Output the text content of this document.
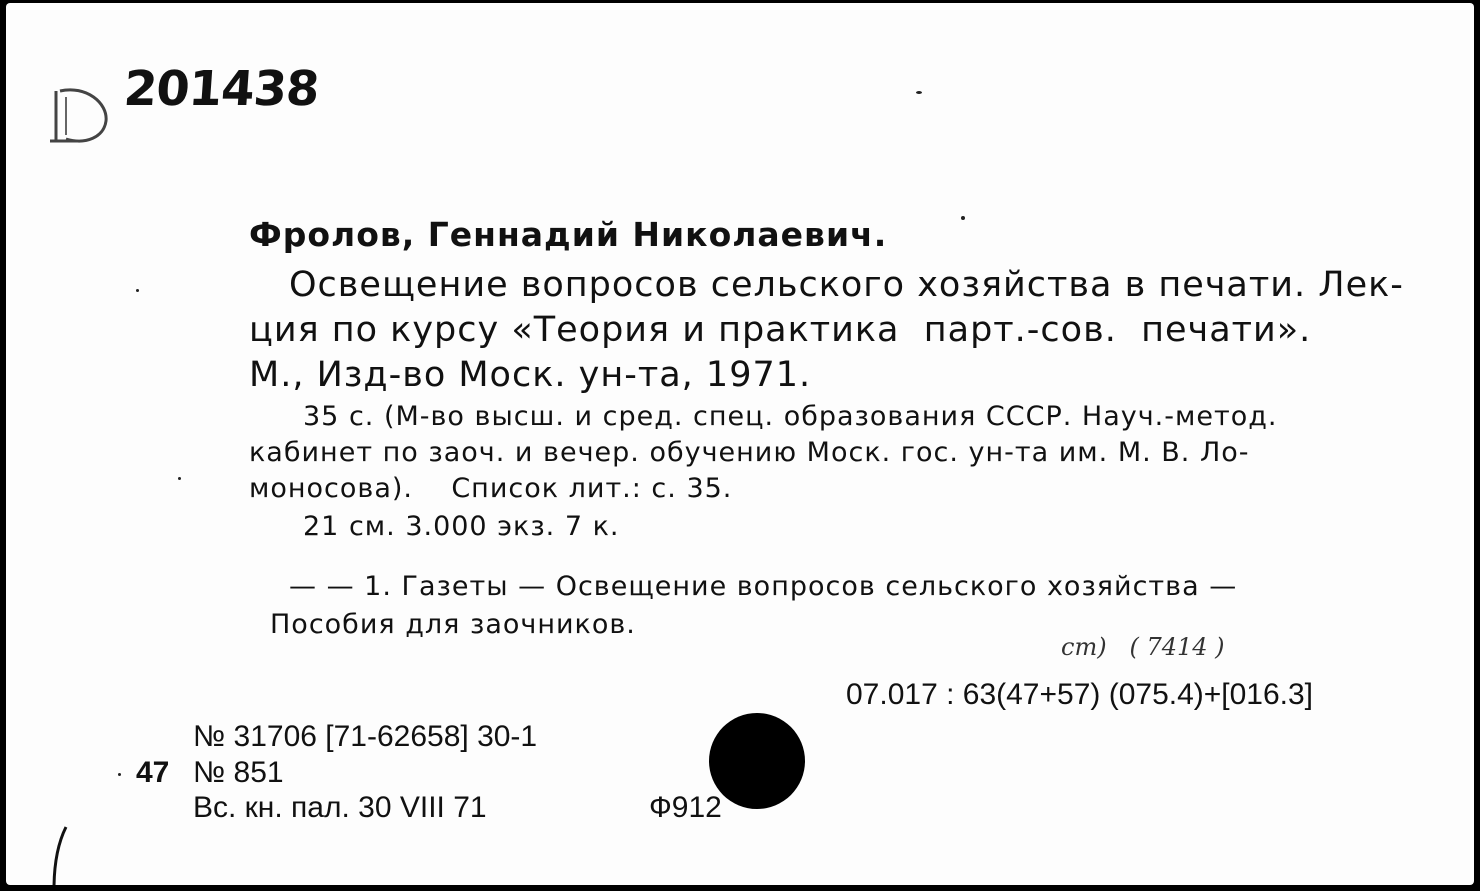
201438
Фролов, Геннадий Николаевич.
Освещение вопросов сельского хозяйства в печати. Лек-
ция по курсу «Теория и практика  парт.-сов.  печати».
М., Изд-во Моск. ун-та, 1971.
35 с. (М-во высш. и сред. спец. образования СССР. Науч.-метод.
кабинет по заоч. и вечер. обучению Моск. гос. ун-та им. М. В. Ло-
моносова).    Список лит.: с. 35.
21 см. 3.000 экз. 7 к.
— — 1. Газеты — Освещение вопросов сельского хозяйства —
Пособия для заочников.
ст)   ( 7414 )
07.017 : 63(47+57) (075.4)+[016.3]
№ 31706 [71-62658] 30-1
47 № 851
Вс. кн. пал. 30 VIII 71	Ф912
